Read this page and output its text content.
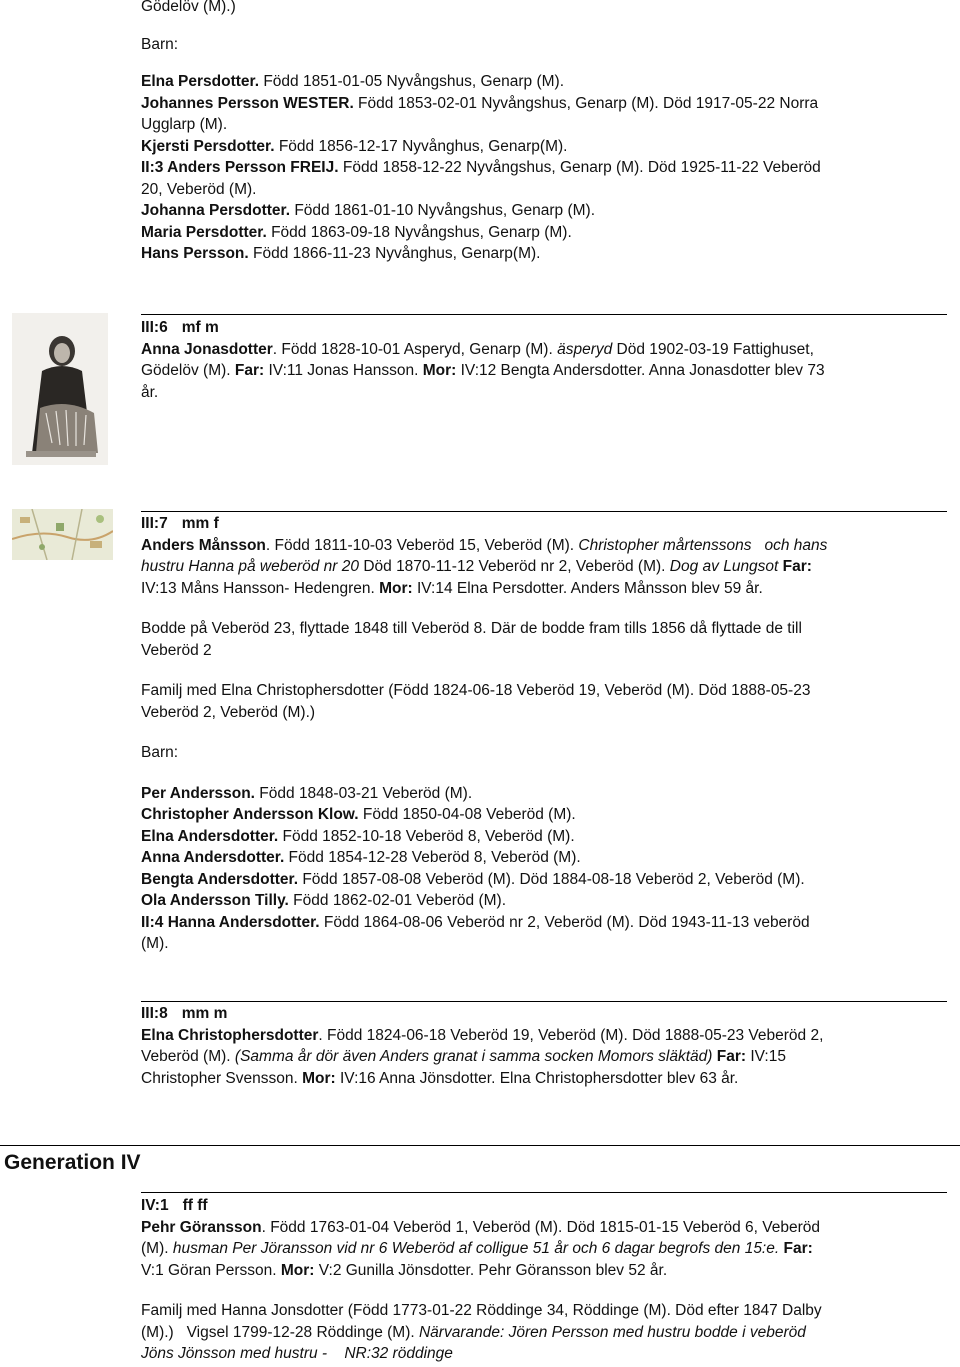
Gödelöv (M).)
Barn:
Elna Persdotter. Född 1851-01-05 Nyvångshus, Genarp (M).
Johannes Persson WESTER. Född 1853-02-01 Nyvångshus, Genarp (M). Död 1917-05-22 Norra
Ugglarp (M).
Kjersti Persdotter. Född 1856-12-17 Nyvånghus, Genarp(M).
II:3 Anders Persson FREIJ. Född 1858-12-22 Nyvångshus, Genarp (M). Död 1925-11-22 Veberöd
20, Veberöd (M).
Johanna Persdotter. Född 1861-01-10 Nyvångshus, Genarp (M).
Maria Persdotter. Född 1863-09-18 Nyvångshus, Genarp (M).
Hans Persson. Född 1866-11-23 Nyvånghus, Genarp(M).
III:6 mf m
Anna Jonasdotter. Född 1828-10-01 Asperyd, Genarp (M). äsperyd Död 1902-03-19 Fattighuset,
Gödelöv (M). Far: IV:11 Jonas Hansson. Mor: IV:12 Bengta Andersdotter. Anna Jonasdotter blev 73
år.
III:7 mm f
Anders Månsson. Född 1811-10-03 Veberöd 15, Veberöd (M). Christopher mårtenssons   och hans
hustru Hanna på weberöd nr 20 Död 1870-11-12 Veberöd nr 2, Veberöd (M). Dog av Lungsot Far:
IV:13 Måns Hansson- Hedengren. Mor: IV:14 Elna Persdotter. Anders Månsson blev 59 år.
Bodde på Veberöd 23, flyttade 1848 till Veberöd 8. Där de bodde fram tills 1856 då flyttade de till
Veberöd 2
Familj med Elna Christophersdotter (Född 1824-06-18 Veberöd 19, Veberöd (M). Död 1888-05-23
Veberöd 2, Veberöd (M).)
Barn:
Per Andersson. Född 1848-03-21 Veberöd (M).
Christopher Andersson Klow. Född 1850-04-08 Veberöd (M).
Elna Andersdotter. Född 1852-10-18 Veberöd 8, Veberöd (M).
Anna Andersdotter. Född 1854-12-28 Veberöd 8, Veberöd (M).
Bengta Andersdotter. Född 1857-08-08 Veberöd (M). Död 1884-08-18 Veberöd 2, Veberöd (M).
Ola Andersson Tilly. Född 1862-02-01 Veberöd (M).
II:4 Hanna Andersdotter. Född 1864-08-06 Veberöd nr 2, Veberöd (M). Död 1943-11-13 veberöd
(M).
III:8 mm m
Elna Christophersdotter. Född 1824-06-18 Veberöd 19, Veberöd (M). Död 1888-05-23 Veberöd 2,
Veberöd (M). (Samma år dör även Anders granat i samma socken Momors släktäd) Far: IV:15
Christopher Svensson. Mor: IV:16 Anna Jönsdotter. Elna Christophersdotter blev 63 år.
Generation IV
IV:1 ff ff
Pehr Göransson. Född 1763-01-04 Veberöd 1, Veberöd (M). Död 1815-01-15 Veberöd 6, Veberöd
(M). husman Per Jöransson vid nr 6 Weberöd af colligue 51 år och 6 dagar begrofs den 15:e. Far:
V:1 Göran Persson. Mor: V:2 Gunilla Jönsdotter. Pehr Göransson blev 52 år.
Familj med Hanna Jonsdotter (Född 1773-01-22 Röddinge 34, Röddinge (M). Död efter 1847 Dalby
(M).)   Vigsel 1799-12-28 Röddinge (M). Närvarande: Jören Persson med hustru bodde i veberöd
Jöns Jönsson med hustru -    NR:32 röddinge
